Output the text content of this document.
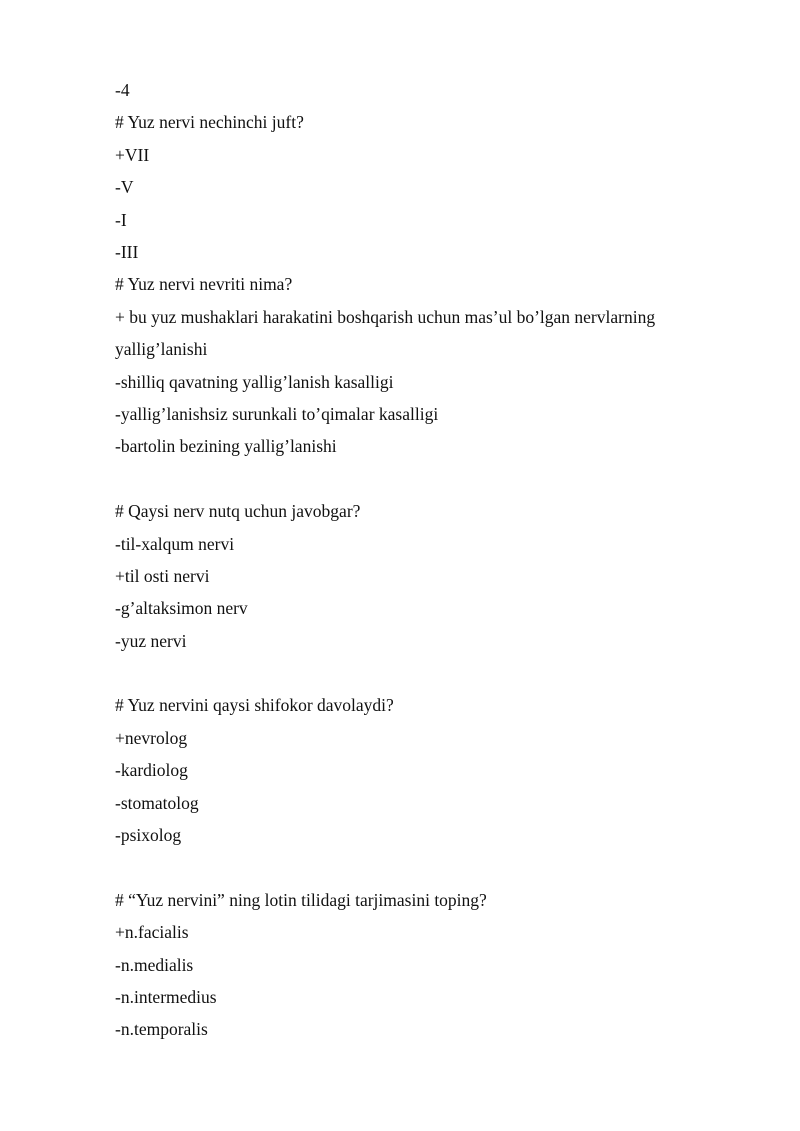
-4
# Yuz nervi nechinchi juft?
+VII
-V
-I
-III
# Yuz nervi nevriti nima?
+ bu yuz mushaklari harakatini boshqarish uchun mas’ul bo’lgan nervlarning yallig’lanishi
-shilliq qavatning yallig’lanish kasalligi
-yallig’lanishsiz surunkali to’qimalar kasalligi
-bartolin bezining yallig’lanishi
# Qaysi nerv nutq uchun javobgar?
-til-xalqum nervi
+til osti nervi
-g’altaksimon nerv
-yuz nervi
# Yuz nervini qaysi shifokor davolaydi?
+nevrolog
-kardiolog
-stomatolog
-psixolog
# “Yuz nervini” ning lotin tilidagi tarjimasini toping?
+n.facialis
-n.medialis
-n.intermedius
-n.temporalis
